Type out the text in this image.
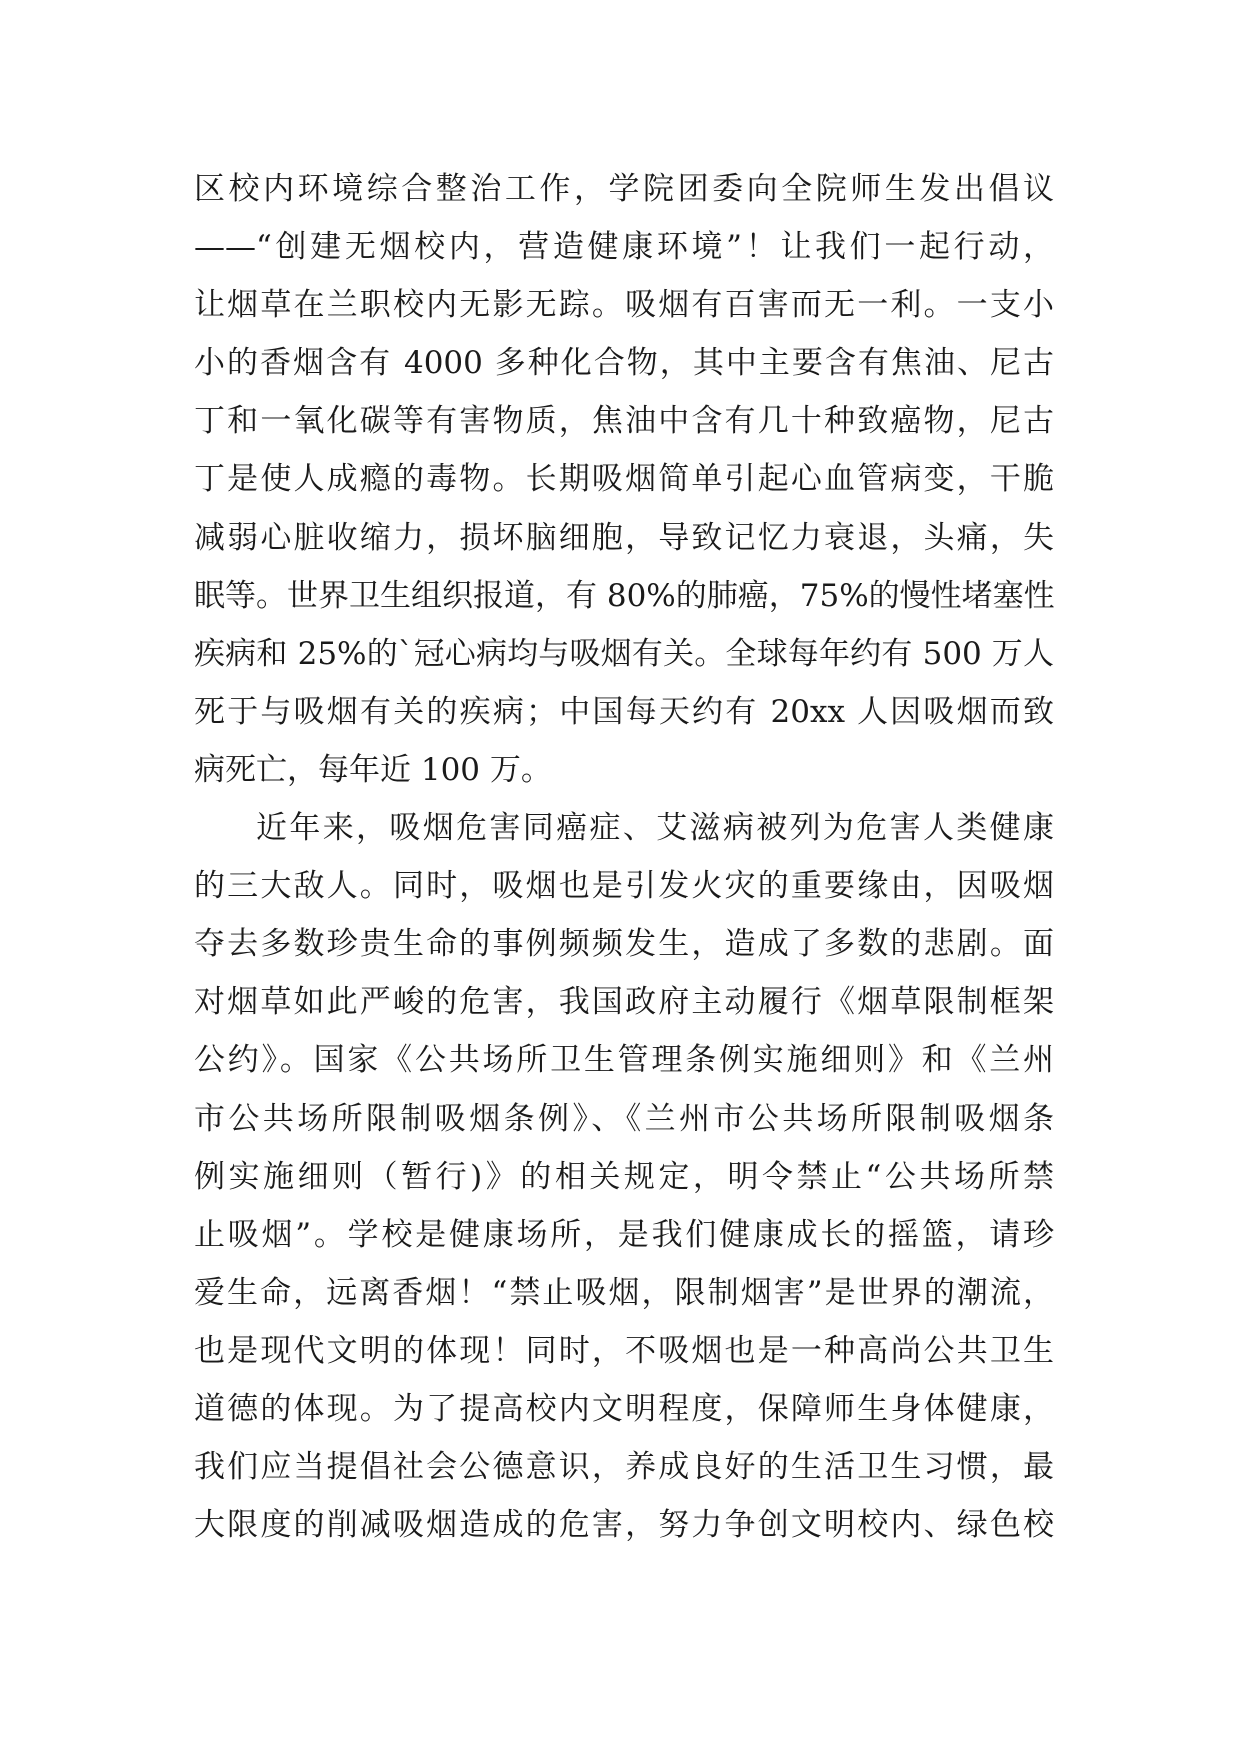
区校内环境综合整治工作，学院团委向全院师生发出倡议
——“创建无烟校内，营造健康环境”！让我们一起行动，
让烟草在兰职校内无影无踪。吸烟有百害而无一利。一支小
小的香烟含有 4000 多种化合物，其中主要含有焦油、尼古
丁和一氧化碳等有害物质，焦油中含有几十种致癌物，尼古
丁是使人成瘾的毒物。长期吸烟简单引起心血管病变，干脆
减弱心脏收缩力，损坏脑细胞，导致记忆力衰退，头痛，失
眠等。世界卫生组织报道，有 80%的肺癌，75%的慢性堵塞性
疾病和 25%的`冠心病均与吸烟有关。全球每年约有 500 万人
死于与吸烟有关的疾病；中国每天约有 20xx 人因吸烟而致
病死亡，每年近 100 万。
近年来，吸烟危害同癌症、艾滋病被列为危害人类健康
的三大敌人。同时，吸烟也是引发火灾的重要缘由，因吸烟
夺去多数珍贵生命的事例频频发生，造成了多数的悲剧。面
对烟草如此严峻的危害，我国政府主动履行《烟草限制框架
公约》。国家《公共场所卫生管理条例实施细则》和《兰州
市公共场所限制吸烟条例》、《兰州市公共场所限制吸烟条
例实施细则（暂行)》的相关规定，明令禁止“公共场所禁
止吸烟”。学校是健康场所，是我们健康成长的摇篮，请珍
爱生命，远离香烟！“禁止吸烟，限制烟害”是世界的潮流，
也是现代文明的体现！同时，不吸烟也是一种高尚公共卫生
道德的体现。为了提高校内文明程度，保障师生身体健康，
我们应当提倡社会公德意识，养成良好的生活卫生习惯，最
大限度的削减吸烟造成的危害，努力争创文明校内、绿色校
